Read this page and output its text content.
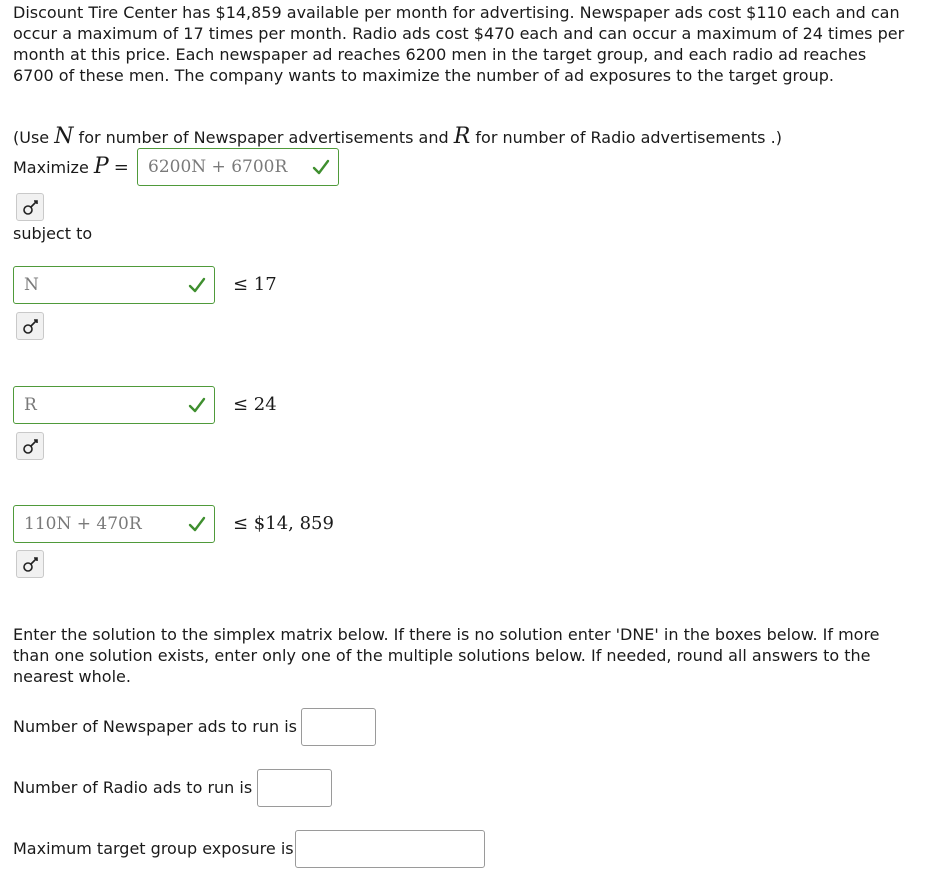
Discount Tire Center has $14,859 available per month for advertising. Newspaper ads cost $110 each and can occur a maximum of 17 times per month. Radio ads cost $470 each and can occur a maximum of 24 times per month at this price. Each newspaper ad reaches 6200 men in the target group, and each radio ad reaches 6700 of these men. The company wants to maximize the number of ad exposures to the target group.
(Use N for number of Newspaper advertisements and R for number of Radio advertisements .)
Maximize P = 6200N + 6700R
subject to
N	≤ 17
R	≤ 24
110N + 470R	≤ $14, 859
Enter the solution to the simplex matrix below. If there is no solution enter 'DNE' in the boxes below. If more than one solution exists, enter only one of the multiple solutions below. If needed, round all answers to the nearest whole.
Number of Newspaper ads to run is
Number of Radio ads to run is
Maximum target group exposure is
